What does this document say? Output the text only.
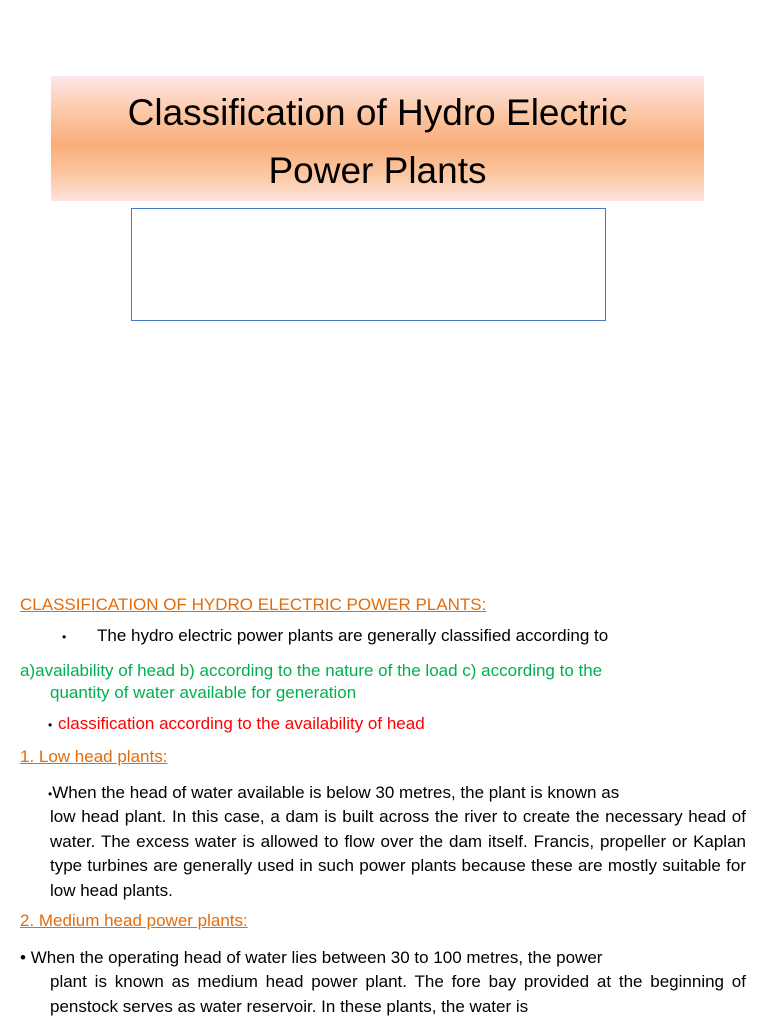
Classification of Hydro Electric
Power Plants
CLASSIFICATION OF HYDRO ELECTRIC POWER PLANTS:
• The hydro electric power plants are generally classified according to
a)availability of head b) according to the nature of the load c) according to the
quantity of water available for generation
• classification according to the availability of head
1. Low head plants:
•When the head of water available is below 30 metres, the plant is known as
low head plant. In this case, a dam is built across the river to create the necessary head of water. The excess water is allowed to flow over the dam itself. Francis, propeller or Kaplan type turbines are generally used in such power plants because these are mostly suitable for low head plants.
2. Medium head power plants:
• When the operating head of water lies between 30 to 100 metres, the power
plant is known as medium head power plant. The fore bay provided at the beginning of penstock serves as water reservoir. In these plants, the water is
